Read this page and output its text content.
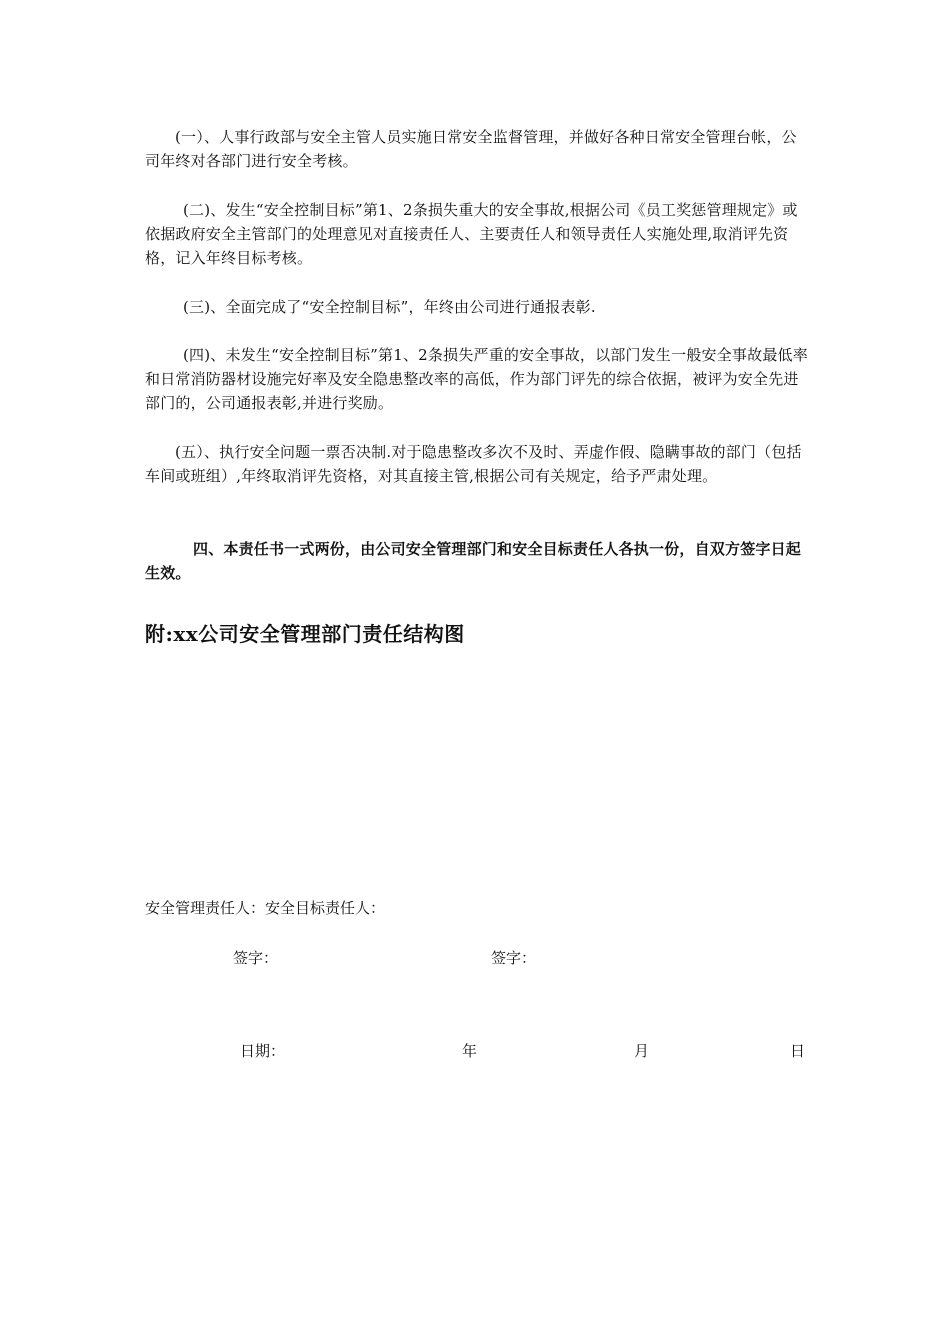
(一）、人事行政部与安全主管人员实施日常安全监督管理，并做好各种日常安全管理台帐，公司年终对各部门进行安全考核。

(二)、发生“安全控制目标”第1、2条损失重大的安全事故,根据公司《员工奖惩管理规定》或依据政府安全主管部门的处理意见对直接责任人、主要责任人和领导责任人实施处理,取消评先资格，记入年终目标考核。

(三)、全面完成了“安全控制目标”，年终由公司进行通报表彰.

(四)、未发生“安全控制目标”第1、2条损失严重的安全事故，以部门发生一般安全事故最低率和日常消防器材设施完好率及安全隐患整改率的高低，作为部门评先的综合依据，被评为安全先进部门的，公司通报表彰,并进行奖励。

(五）、执行安全问题一票否决制.对于隐患整改多次不及时、弄虚作假、隐瞒事故的部门（包括车间或班组）,年终取消评先资格，对其直接主管,根据公司有关规定，给予严肃处理。

四、本责任书一式两份，由公司安全管理部门和安全目标责任人各执一份，自双方签字日起生效。

附:xx公司安全管理部门责任结构图

安全管理责任人：安全目标责任人：

签字：	签字：

日期：	年	月	日
